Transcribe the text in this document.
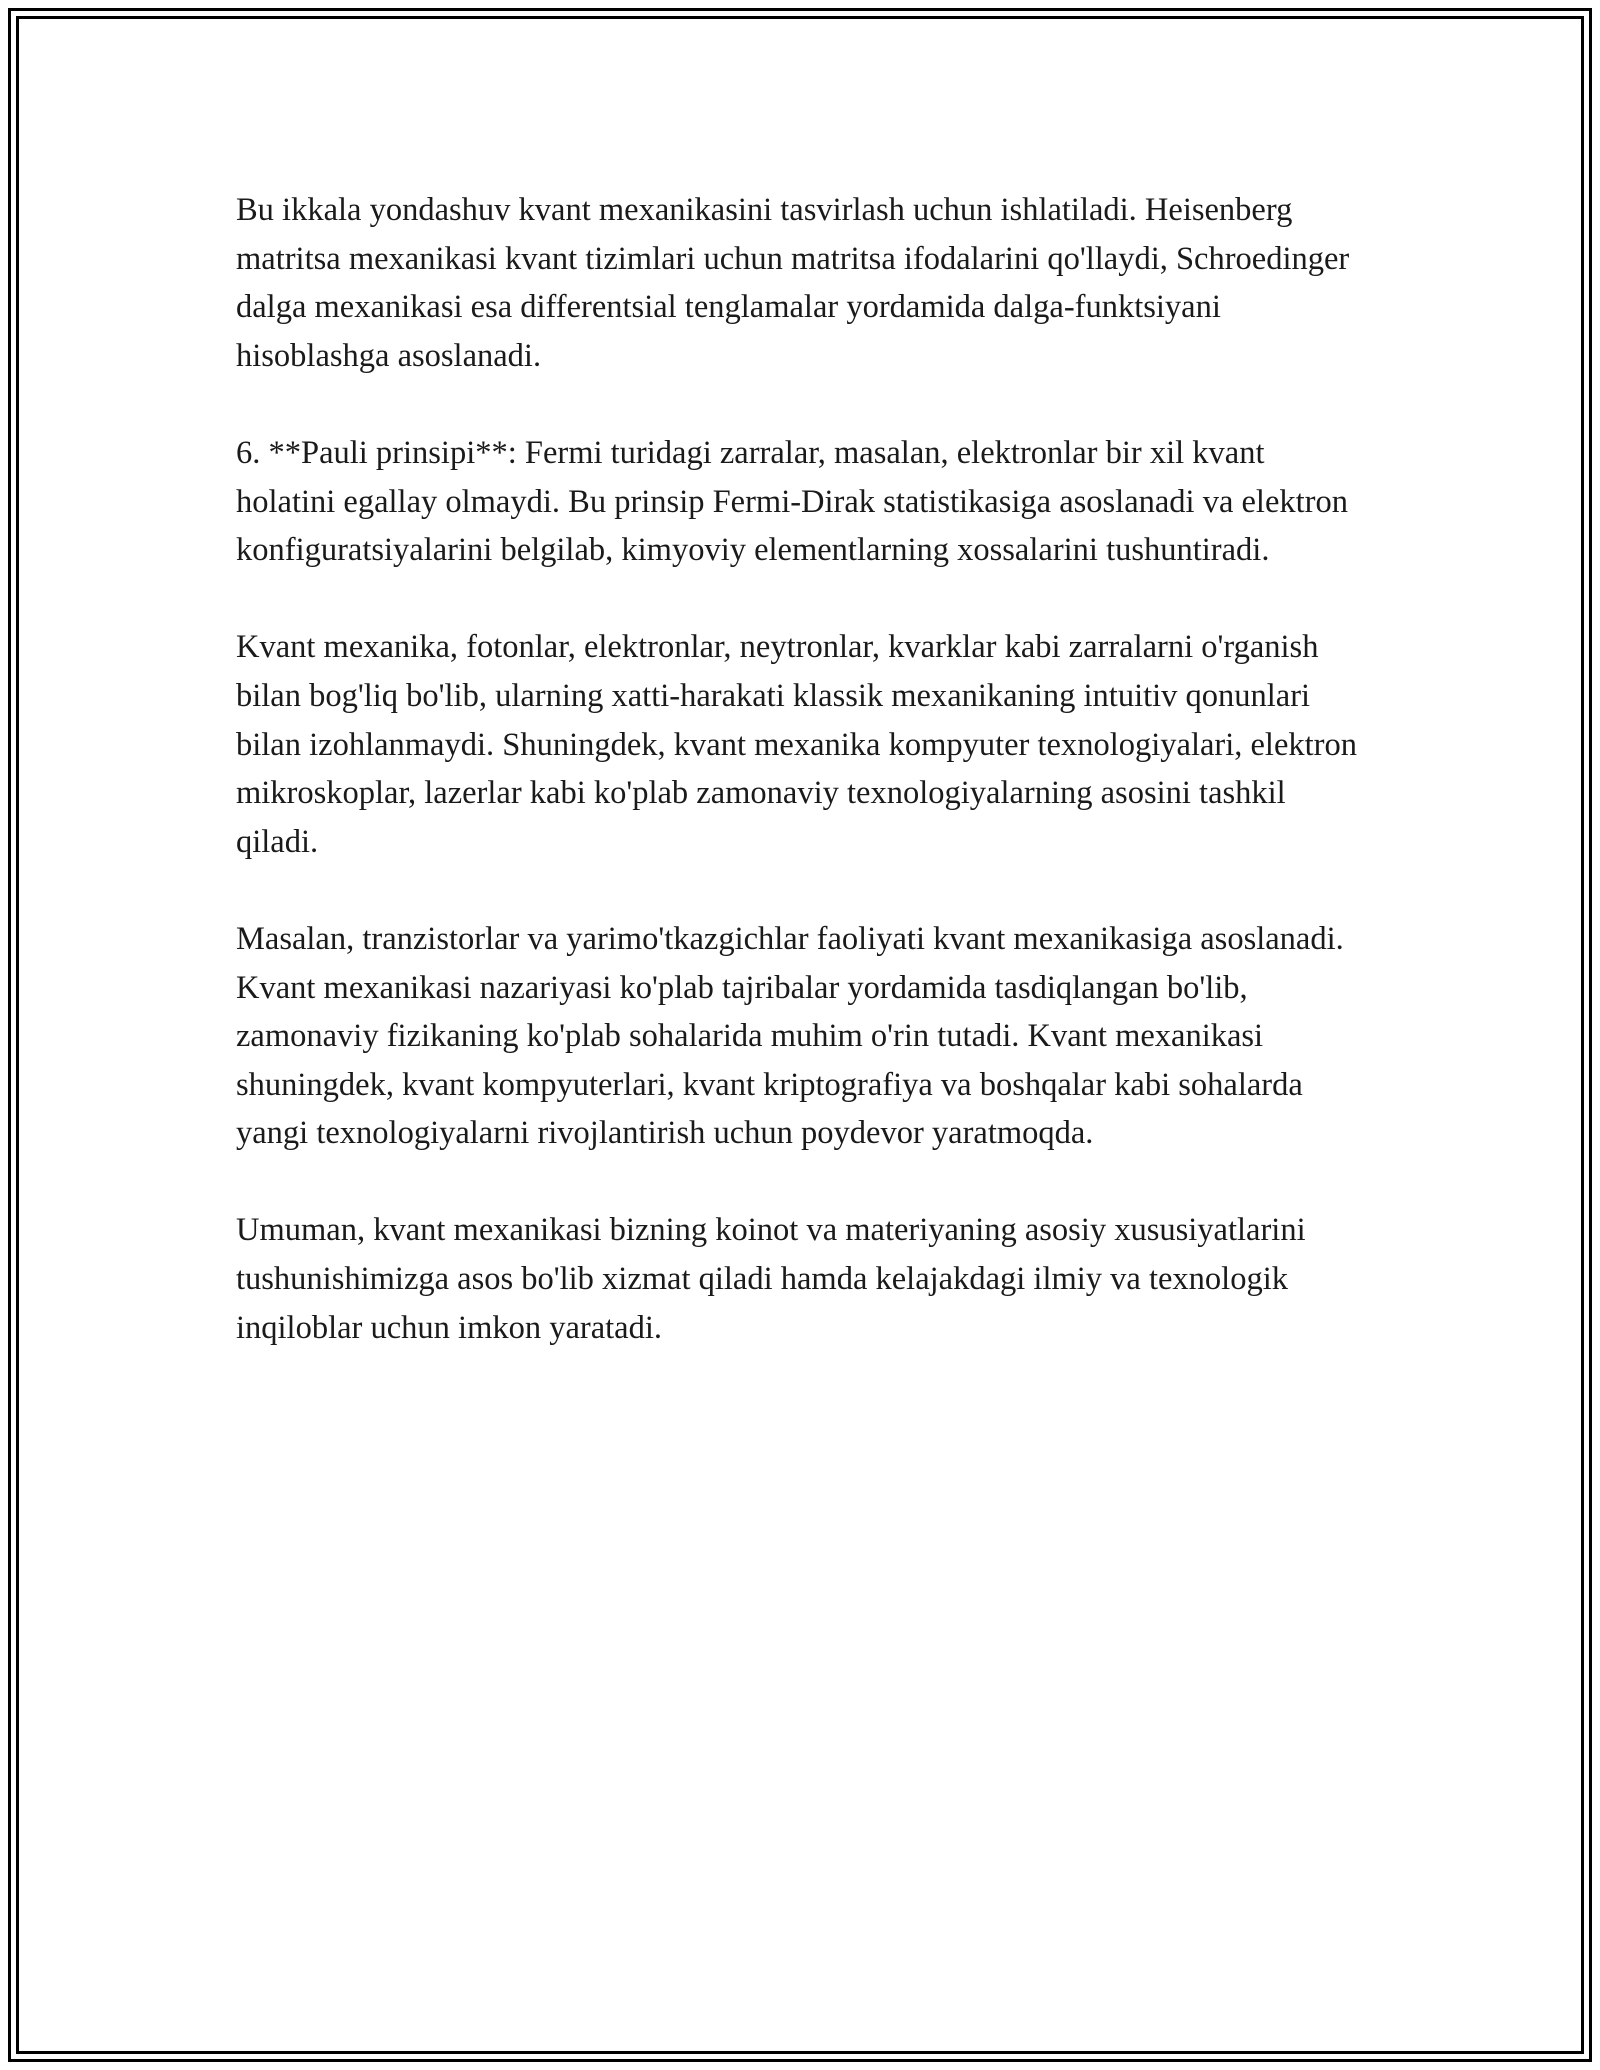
Bu ikkala yondashuv kvant mexanikasini tasvirlash uchun ishlatiladi. Heisenberg matritsa mexanikasi kvant tizimlari uchun matritsa ifodalarini qo'llaydi, Schroedinger dalga mexanikasi esa differentsial tenglamalar yordamida dalga-funktsiyani hisoblashga asoslanadi.

6. **Pauli prinsipi**: Fermi turidagi zarralar, masalan, elektronlar bir xil kvant holatini egallay olmaydi. Bu prinsip Fermi-Dirak statistikasiga asoslanadi va elektron konfiguratsiyalarini belgilab, kimyoviy elementlarning xossalarini tushuntiradi.

Kvant mexanika, fotonlar, elektronlar, neytronlar, kvarklar kabi zarralarni o'rganish bilan bog'liq bo'lib, ularning xatti-harakati klassik mexanikaning intuitiv qonunlari bilan izohlanmaydi. Shuningdek, kvant mexanika kompyuter texnologiyalari, elektron mikroskoplar, lazerlar kabi ko'plab zamonaviy texnologiyalarning asosini tashkil qiladi.

Masalan, tranzistorlar va yarimo'tkazgichlar faoliyati kvant mexanikasiga asoslanadi. Kvant mexanikasi nazariyasi ko'plab tajribalar yordamida tasdiqlangan bo'lib, zamonaviy fizikaning ko'plab sohalarida muhim o'rin tutadi. Kvant mexanikasi shuningdek, kvant kompyuterlari, kvant kriptografiya va boshqalar kabi sohalarda yangi texnologiyalarni rivojlantirish uchun poydevor yaratmoqda.

Umuman, kvant mexanikasi bizning koinot va materiyaning asosiy xususiyatlarini tushunishimizga asos bo'lib xizmat qiladi hamda kelajakdagi ilmiy va texnologik inqiloblar uchun imkon yaratadi.
